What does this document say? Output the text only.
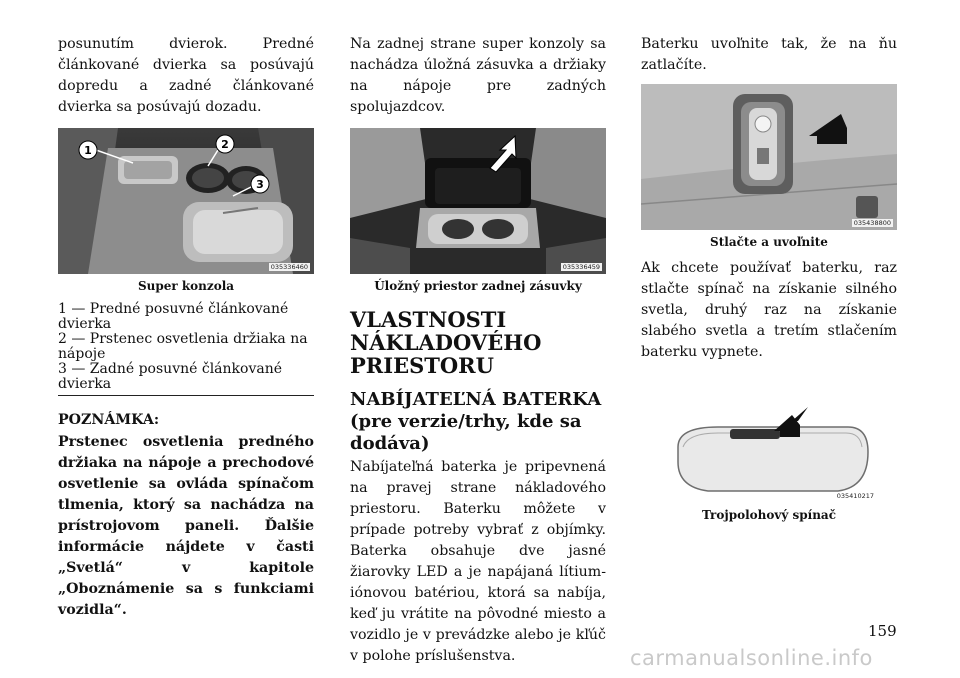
posunutím dvierok. Predné článkované dvierka sa posúvajú dopredu a zadné článkované dvierka sa posúvajú dozadu.

1	2
3
035336460
Super konzola
1 — Predné posuvné článkované dvierka
2 — Prstenec osvetlenia držiaka na nápoje
3 — Zadné posuvné článkované dvierka
POZNÁMKA:

Prstenec osvetlenia predného držiaka na nápoje a prechodové osvetlenie sa ovláda spínačom tlmenia, ktorý sa nachádza na prístrojovom paneli. Ďalšie informácie nájdete v časti „Svetlá“ v kapitole „Oboznámenie sa s funkciami vozidla“.

Na zadnej strane super konzoly sa nachádza úložná zásuvka a držiaky na nápoje pre zadných spolujazdcov.

035336459
Úložný priestor zadnej zásuvky
VLASTNOSTI NÁKLADOVÉHO PRIESTORU
NABÍJATEĽNÁ BATERKA (pre verzie/trhy, kde sa dodáva)

Nabíjateľná baterka je pripevnená na pravej strane nákladového priestoru. Baterku môžete v prípade potreby vybrať z objímky. Baterka obsahuje dve jasné žiarovky LED a je napájaná lítium-iónovou batériou, ktorá sa nabíja, keď ju vrátite na pôvodné miesto a vozidlo je v prevádzke alebo je kľúč v polohe príslušenstva.

Baterku uvoľnite tak, že na ňu zatlačíte.

035438800
Stlačte a uvoľnite

Ak chcete používať baterku, raz stlačte spínač na získanie silného svetla, druhý raz na získanie slabého svetla a tretím stlačením baterku vypnete.

035410217
Trojpolohový spínač
159
carmanualsonline.info
